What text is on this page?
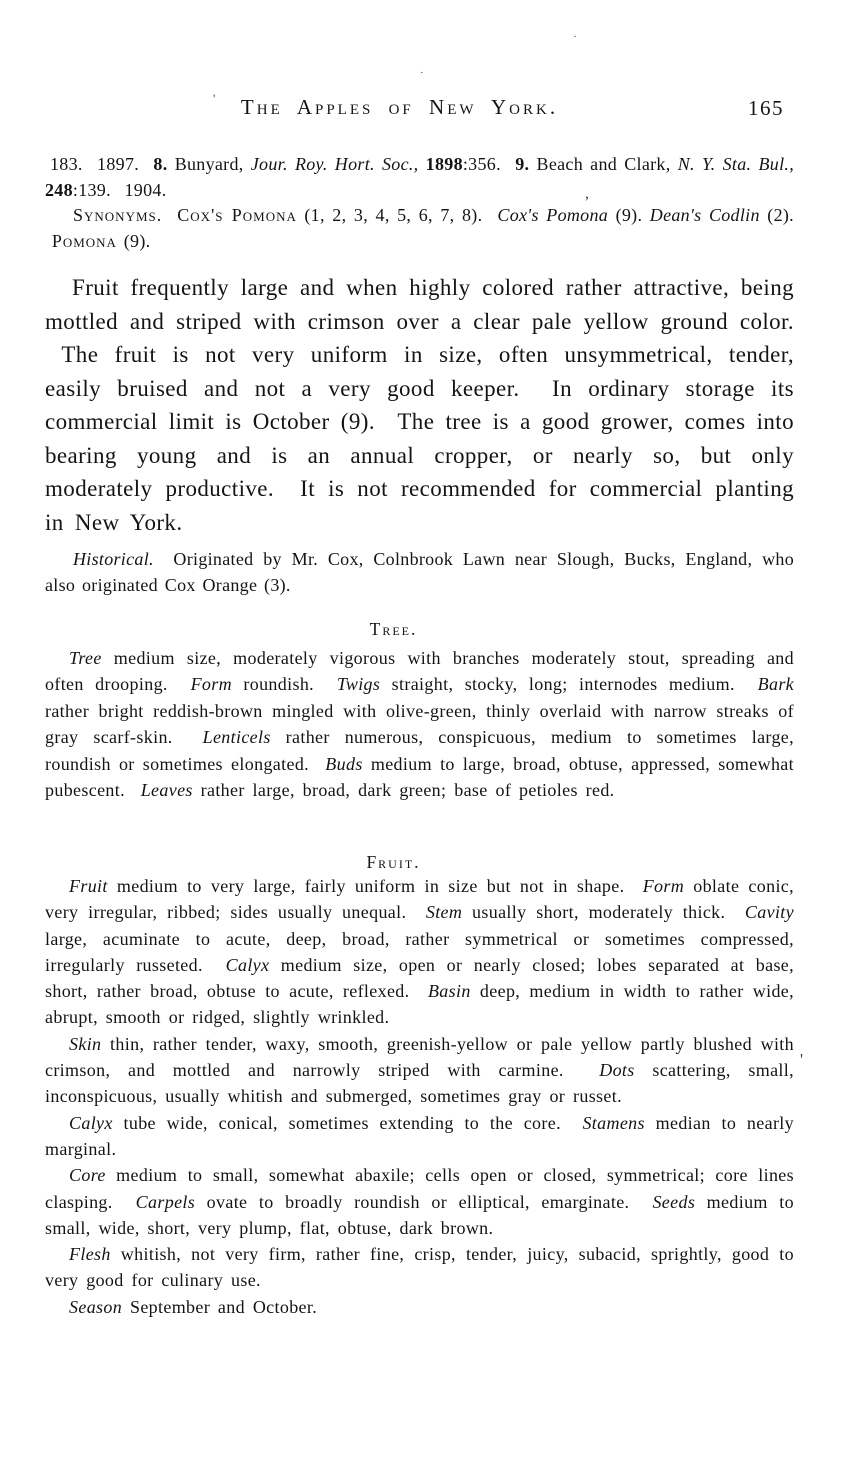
The Apples of New York.	165

183.  1897.  8. Bunyard, Jour. Roy. Hort. Soc., 1898:356.  9. Beach and Clark, N. Y. Sta. Bul., 248:139.  1904.

Synonyms. Cox's Pomona (1, 2, 3, 4, 5, 6, 7, 8).  Cox's Pomona (9). Dean's Codlin (2).  Pomona (9).

Fruit frequently large and when highly colored rather attractive, being mottled and striped with crimson over a clear pale yellow ground color.  The fruit is not very uniform in size, often unsymmetrical, tender, easily bruised and not a very good keeper.  In ordinary storage its commercial limit is October (9).  The tree is a good grower, comes into bearing young and is an annual cropper, or nearly so, but only moderately productive.  It is not recommended for commercial planting in New York.

Historical.  Originated by Mr. Cox, Colnbrook Lawn near Slough, Bucks, England, who also originated Cox Orange (3).

Tree.

Tree medium size, moderately vigorous with branches moderately stout, spreading and often drooping.  Form roundish.  Twigs straight, stocky, long; internodes medium.  Bark rather bright reddish-brown mingled with olive-green, thinly overlaid with narrow streaks of gray scarf-skin.  Lenticels rather numerous, conspicuous, medium to sometimes large, roundish or sometimes elongated.  Buds medium to large, broad, obtuse, appressed, somewhat pubescent.  Leaves rather large, broad, dark green; base of petioles red.

Fruit.

Fruit medium to very large, fairly uniform in size but not in shape.  Form oblate conic, very irregular, ribbed; sides usually unequal.  Stem usually short, moderately thick.  Cavity large, acuminate to acute, deep, broad, rather symmetrical or sometimes compressed, irregularly russeted.  Calyx medium size, open or nearly closed; lobes separated at base, short, rather broad, obtuse to acute, reflexed.  Basin deep, medium in width to rather wide, abrupt, smooth or ridged, slightly wrinkled.

Skin thin, rather tender, waxy, smooth, greenish-yellow or pale yellow partly blushed with crimson, and mottled and narrowly striped with carmine.  Dots scattering, small, inconspicuous, usually whitish and submerged, sometimes gray or russet.

Calyx tube wide, conical, sometimes extending to the core.  Stamens median to nearly marginal.

Core medium to small, somewhat abaxile; cells open or closed, symmetrical; core lines clasping.  Carpels ovate to broadly roundish or elliptical, emarginate.  Seeds medium to small, wide, short, very plump, flat, obtuse, dark brown.

Flesh whitish, not very firm, rather fine, crisp, tender, juicy, subacid, sprightly, good to very good for culinary use.

Season September and October.

'
,
'
·
·
